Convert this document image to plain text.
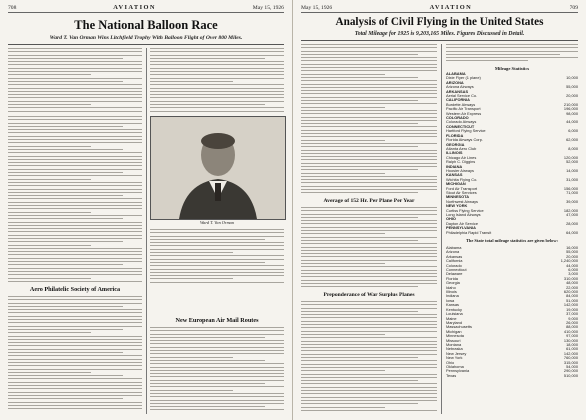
708	AVIATION	May 15, 1926
The National Balloon Race
Ward T. Van Orman Wins Litchfield Trophy With Balloon Flight of Over 800 Miles.
Ward T. Van Orman
Aero Philatelic Society of America
New European Air Mail Routes
May 15, 1926	AVIATION	709
Analysis of Civil Flying in the United States
Total Mileage for 1925 is 9,203,165 Miles. Figures Discussed in Detail.
Average of 152 Hr. Per Plane Per Year
Preponderance of War Surplus Planes
Mileage Statistics
ALABAMA
Dixie Flyer (1 plane)	10,000
ARIZONA
Arizona Airways	55,000
ARKANSAS
Aerial Service Co.	20,000
CALIFORNIA
Burdette Airways	210,000
Pacific Air Transport	196,000
Western Air Express	98,000
COLORADO
Colorado Airways	44,000
CONNECTICUT
Hartford Flying Service	6,000
FLORIDA
Florida Airways Corp.	62,000
GEORGIA
Atlanta Aero Club	8,000
ILLINOIS
Chicago Air Lines	120,000
Ralph C. Diggins	52,000
INDIANA
Hoosier Airways	14,000
KANSAS
Wichita Flying Co.	31,000
MICHIGAN
Ford Air Transport	156,000
Stout Air Services	71,000
MINNESOTA
Northwest Airways	39,000
NEW YORK
Curtiss Flying Service	182,000
Long Island Airways	47,000
OHIO
Dayton Air Service	28,000
PENNSYLVANIA
Philadelphia Rapid Transit	64,000
The State total mileage statistics are given below:
Alabama	16,000
Arizona	55,000
Arkansas	20,000
California	1,240,000
Colorado	44,000
Connecticut	6,000
Delaware	3,000
Florida	310,000
Georgia	48,000
Idaho	22,000
Illinois	620,000
Indiana	84,000
Iowa	51,000
Kansas	142,000
Kentucky	19,000
Louisiana	37,000
Maine	9,000
Maryland	26,000
Massachusetts	88,000
Michigan	410,000
Minnesota	97,000
Missouri	130,000
Montana	18,000
Nebraska	61,000
New Jersey	142,000
New York	760,000
Ohio	315,000
Oklahoma	54,000
Pennsylvania	290,000
Texas	510,000
